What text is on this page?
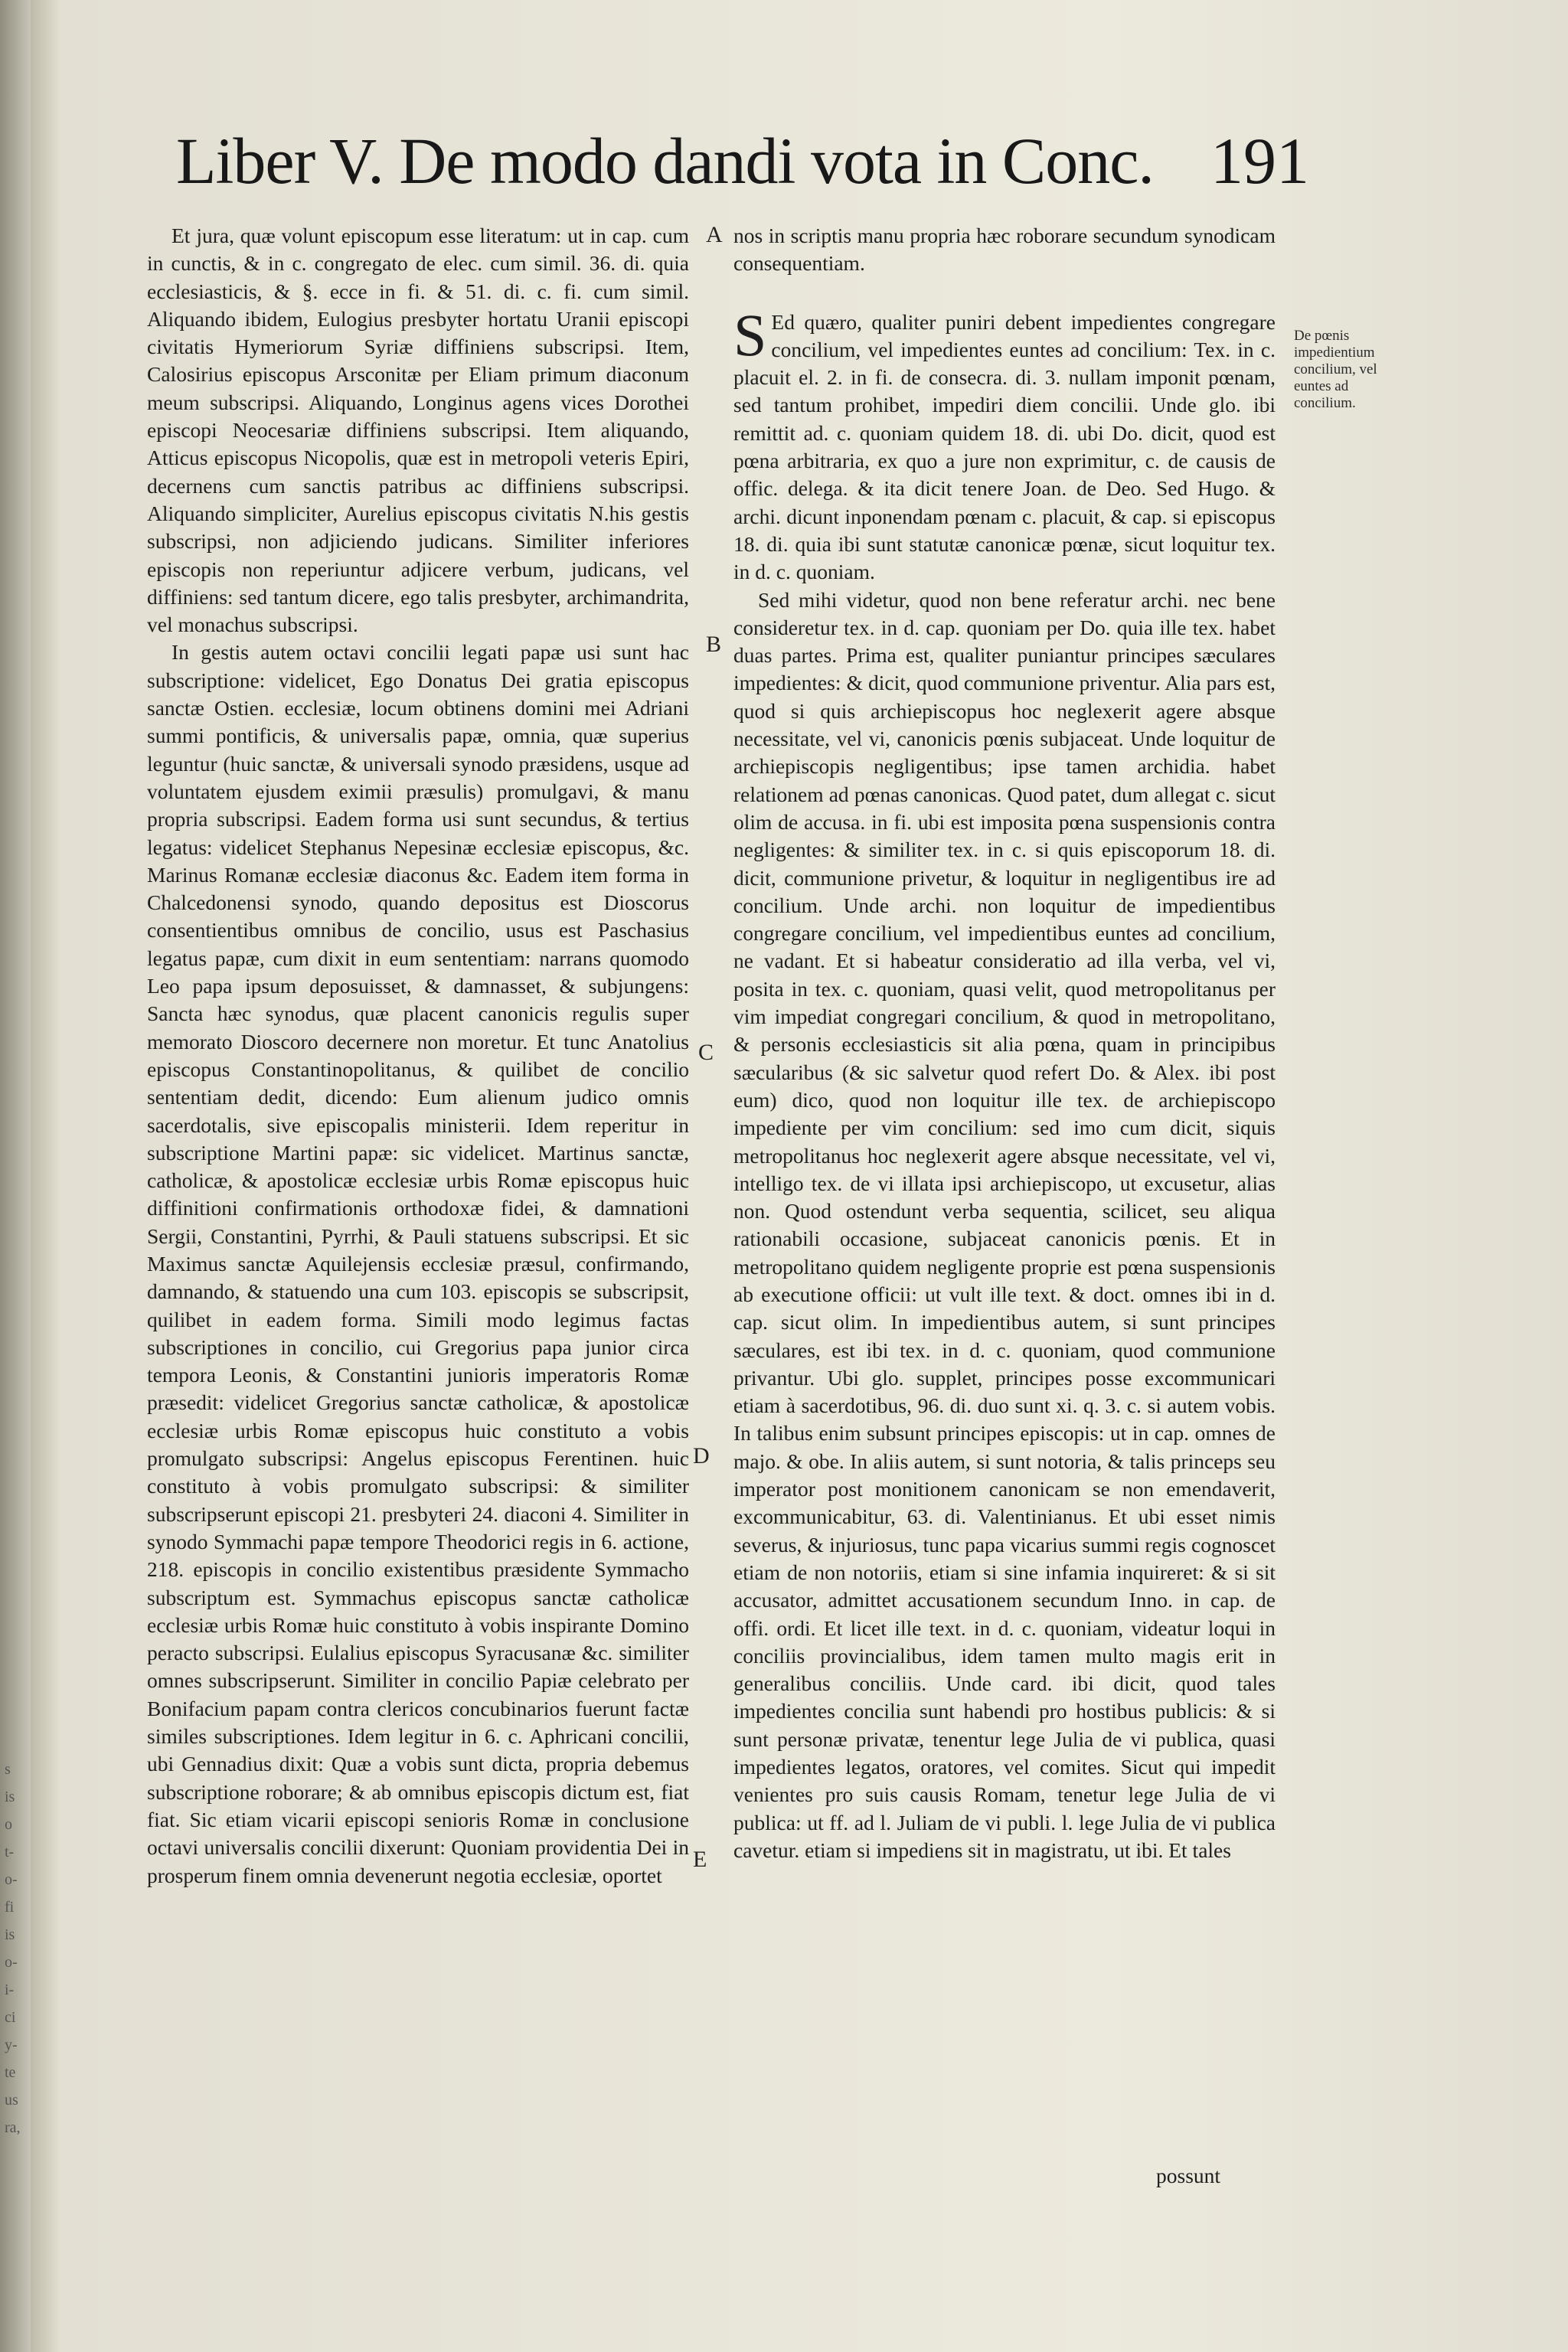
s
is
o
t-
o-
fi
is
o-
i-
ci
y-
te
us
ra,
Liber V. De modo dandi vota in Conc. 191

Et jura, quæ volunt episcopum esse literatum: ut in cap. cum in cunctis, & in c. congregato de elec. cum simil. 36. di. quia ecclesiasticis, & §. ecce in fi. & 51. di. c. fi. cum simil. Aliquando ibidem, Eulogius presbyter hortatu Uranii episcopi civitatis Hymeriorum Syriæ diffiniens subscripsi. Item, Calosirius episcopus Arsconitæ per Eliam primum diaconum meum subscripsi. Aliquando, Longinus agens vices Dorothei episcopi Neocesariæ diffiniens subscripsi. Item aliquando, Atticus episcopus Nicopolis, quæ est in metropoli veteris Epiri, decernens cum sanctis patribus ac diffiniens subscripsi. Aliquando simpliciter, Aurelius episcopus civitatis N.his gestis subscripsi, non adjiciendo judicans. Similiter inferiores episcopis non reperiuntur adjicere verbum, judicans, vel diffiniens: sed tantum dicere, ego talis presbyter, archimandrita, vel monachus subscripsi.

In gestis autem octavi concilii legati papæ usi sunt hac subscriptione: videlicet, Ego Donatus Dei gratia episcopus sanctæ Ostien. ecclesiæ, locum obtinens domini mei Adriani summi pontificis, & universalis papæ, omnia, quæ superius leguntur (huic sanctæ, & universali synodo præsidens, usque ad voluntatem ejusdem eximii præsulis) promulgavi, & manu propria subscripsi. Eadem forma usi sunt secundus, & tertius legatus: videlicet Stephanus Nepesinæ ecclesiæ episcopus, &c. Marinus Romanæ ecclesiæ diaconus &c. Eadem item forma in Chalcedonensi synodo, quando depositus est Dioscorus consentientibus omnibus de concilio, usus est Paschasius legatus papæ, cum dixit in eum sententiam: narrans quomodo Leo papa ipsum deposuisset, & damnasset, & subjungens: Sancta hæc synodus, quæ placent canonicis regulis super memorato Dioscoro decernere non moretur. Et tunc Anatolius episcopus Constantinopolitanus, & quilibet de concilio sententiam dedit, dicendo: Eum alienum judico omnis sacerdotalis, sive episcopalis ministerii. Idem reperitur in subscriptione Martini papæ: sic videlicet. Martinus sanctæ, catholicæ, & apostolicæ ecclesiæ urbis Romæ episcopus huic diffinitioni confirmationis orthodoxæ fidei, & damnationi Sergii, Constantini, Pyrrhi, & Pauli statuens subscripsi. Et sic Maximus sanctæ Aquilejensis ecclesiæ præsul, confirmando, damnando, & statuendo una cum 103. episcopis se subscripsit, quilibet in eadem forma. Simili modo legimus factas subscriptiones in concilio, cui Gregorius papa junior circa tempora Leonis, & Constantini junioris imperatoris Romæ præsedit: videlicet Gregorius sanctæ catholicæ, & apostolicæ ecclesiæ urbis Romæ episcopus huic constituto a vobis promulgato subscripsi: Angelus episcopus Ferentinen. huic constituto à vobis promulgato subscripsi: & similiter subscripserunt episcopi 21. presbyteri 24. diaconi 4. Similiter in synodo Symmachi papæ tempore Theodorici regis in 6. actione, 218. episcopis in concilio existentibus præsidente Symmacho subscriptum est. Symmachus episcopus sanctæ catholicæ ecclesiæ urbis Romæ huic constituto à vobis inspirante Domino peracto subscripsi. Eulalius episcopus Syracusanæ &c. similiter omnes subscripserunt. Similiter in concilio Papiæ celebrato per Bonifacium papam contra clericos concubinarios fuerunt factæ similes subscriptiones. Idem legitur in 6. c. Aphricani concilii, ubi Gennadius dixit: Quæ a vobis sunt dicta, propria debemus subscriptione roborare; & ab omnibus episcopis dictum est, fiat fiat. Sic etiam vicarii episcopi senioris Romæ in conclusione octavi universalis concilii dixerunt: Quoniam providentia Dei in prosperum finem omnia devenerunt negotia ecclesiæ, oportet

nos in scriptis manu propria hæc roborare secundum synodicam consequentiam.

S Ed quæro, qualiter puniri debent impedientes congregare concilium, vel impedientes euntes ad concilium: Tex. in c. placuit el. 2. in fi. de consecra. di. 3. nullam imponit pœnam, sed tantum prohibet, impediri diem concilii. Unde glo. ibi remittit ad. c. quoniam quidem 18. di. ubi Do. dicit, quod est pœna arbitraria, ex quo a jure non exprimitur, c. de causis de offic. delega. & ita dicit tenere Joan. de Deo. Sed Hugo. & archi. dicunt inponendam pœnam c. placuit, & cap. si episcopus 18. di. quia ibi sunt statutæ canonicæ pœnæ, sicut loquitur tex. in d. c. quoniam.

Sed mihi videtur, quod non bene referatur archi. nec bene consideretur tex. in d. cap. quoniam per Do. quia ille tex. habet duas partes. Prima est, qualiter puniantur principes sæculares impedientes: & dicit, quod communione priventur. Alia pars est, quod si quis archiepiscopus hoc neglexerit agere absque necessitate, vel vi, canonicis pœnis subjaceat. Unde loquitur de archiepiscopis negligentibus; ipse tamen archidia. habet relationem ad pœnas canonicas. Quod patet, dum allegat c. sicut olim de accusa. in fi. ubi est imposita pœna suspensionis contra negligentes: & similiter tex. in c. si quis episcoporum 18. di. dicit, communione privetur, & loquitur in negligentibus ire ad concilium. Unde archi. non loquitur de impedientibus congregare concilium, vel impedientibus euntes ad concilium, ne vadant. Et si habeatur consideratio ad illa verba, vel vi, posita in tex. c. quoniam, quasi velit, quod metropolitanus per vim impediat congregari concilium, & quod in metropolitano, & personis ecclesiasticis sit alia pœna, quam in principibus sæcularibus (& sic salvetur quod refert Do. & Alex. ibi post eum) dico, quod non loquitur ille tex. de archiepiscopo impediente per vim concilium: sed imo cum dicit, siquis metropolitanus hoc neglexerit agere absque necessitate, vel vi, intelligo tex. de vi illata ipsi archiepiscopo, ut excusetur, alias non. Quod ostendunt verba sequentia, scilicet, seu aliqua rationabili occasione, subjaceat canonicis pœnis. Et in metropolitano quidem negligente proprie est pœna suspensionis ab executione officii: ut vult ille text. & doct. omnes ibi in d. cap. sicut olim. In impedientibus autem, si sunt principes sæculares, est ibi tex. in d. c. quoniam, quod communione privantur. Ubi glo. supplet, principes posse excommunicari etiam à sacerdotibus, 96. di. duo sunt xi. q. 3. c. si autem vobis. In talibus enim subsunt principes episcopis: ut in cap. omnes de majo. & obe. In aliis autem, si sunt notoria, & talis princeps seu imperator post monitionem canonicam se non emendaverit, excommunicabitur, 63. di. Valentinianus. Et ubi esset nimis severus, & injuriosus, tunc papa vicarius summi regis cognoscet etiam de non notoriis, etiam si sine infamia inquireret: & si sit accusator, admittet accusationem secundum Inno. in cap. de offi. ordi. Et licet ille text. in d. c. quoniam, videatur loqui in conciliis provincialibus, idem tamen multo magis erit in generalibus conciliis. Unde card. ibi dicit, quod tales impedientes concilia sunt habendi pro hostibus publicis: & si sunt personæ privatæ, tenentur lege Julia de vi publica, quasi impedientes legatos, oratores, vel comites. Sicut qui impedit venientes pro suis causis Romam, tenetur lege Julia de vi publica: ut ff. ad l. Juliam de vi publi. l. lege Julia de vi publica cavetur. etiam si impediens sit in magistratu, ut ibi. Et tales

A
B
C
D
E
De pœnis impedientium concilium, vel euntes ad concilium.
possunt
